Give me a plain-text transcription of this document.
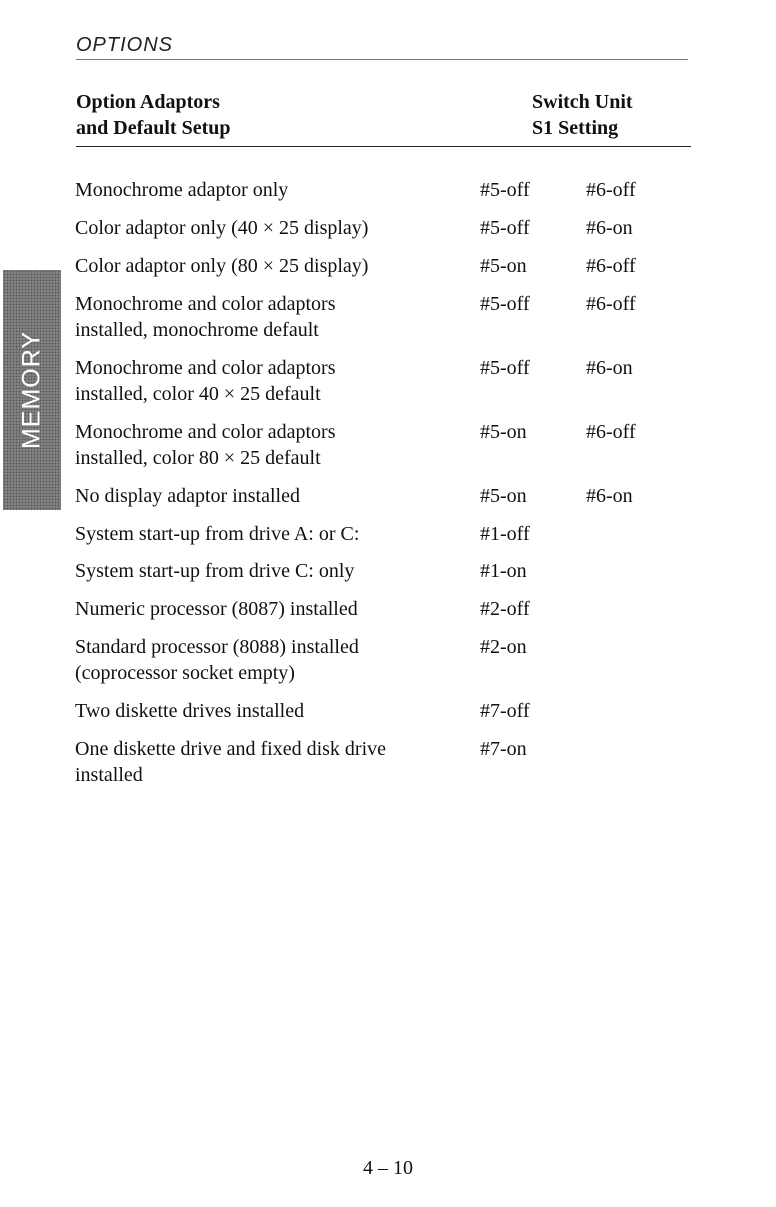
OPTIONS
MEMORY
Option Adaptors
and Default Setup
Switch Unit
S1 Setting
Monochrome adaptor only	#5-off	#6-off
Color adaptor only (40 × 25 display)	#5-off	#6-on
Color adaptor only (80 × 25 display)	#5-on	#6-off
Monochrome and color adaptors
installed, monochrome default
#5-off	#6-off
Monochrome and color adaptors
installed, color 40 × 25 default
#5-off	#6-on
Monochrome and color adaptors
installed, color 80 × 25 default
#5-on	#6-off
No display adaptor installed	#5-on	#6-on
System start-up from drive A: or C:	#1-off
System start-up from drive C: only	#1-on
Numeric processor (8087) installed	#2-off
Standard processor (8088) installed
(coprocessor socket empty)
#2-on
Two diskette drives installed	#7-off
One diskette drive and fixed disk drive
installed
#7-on
4 – 10
